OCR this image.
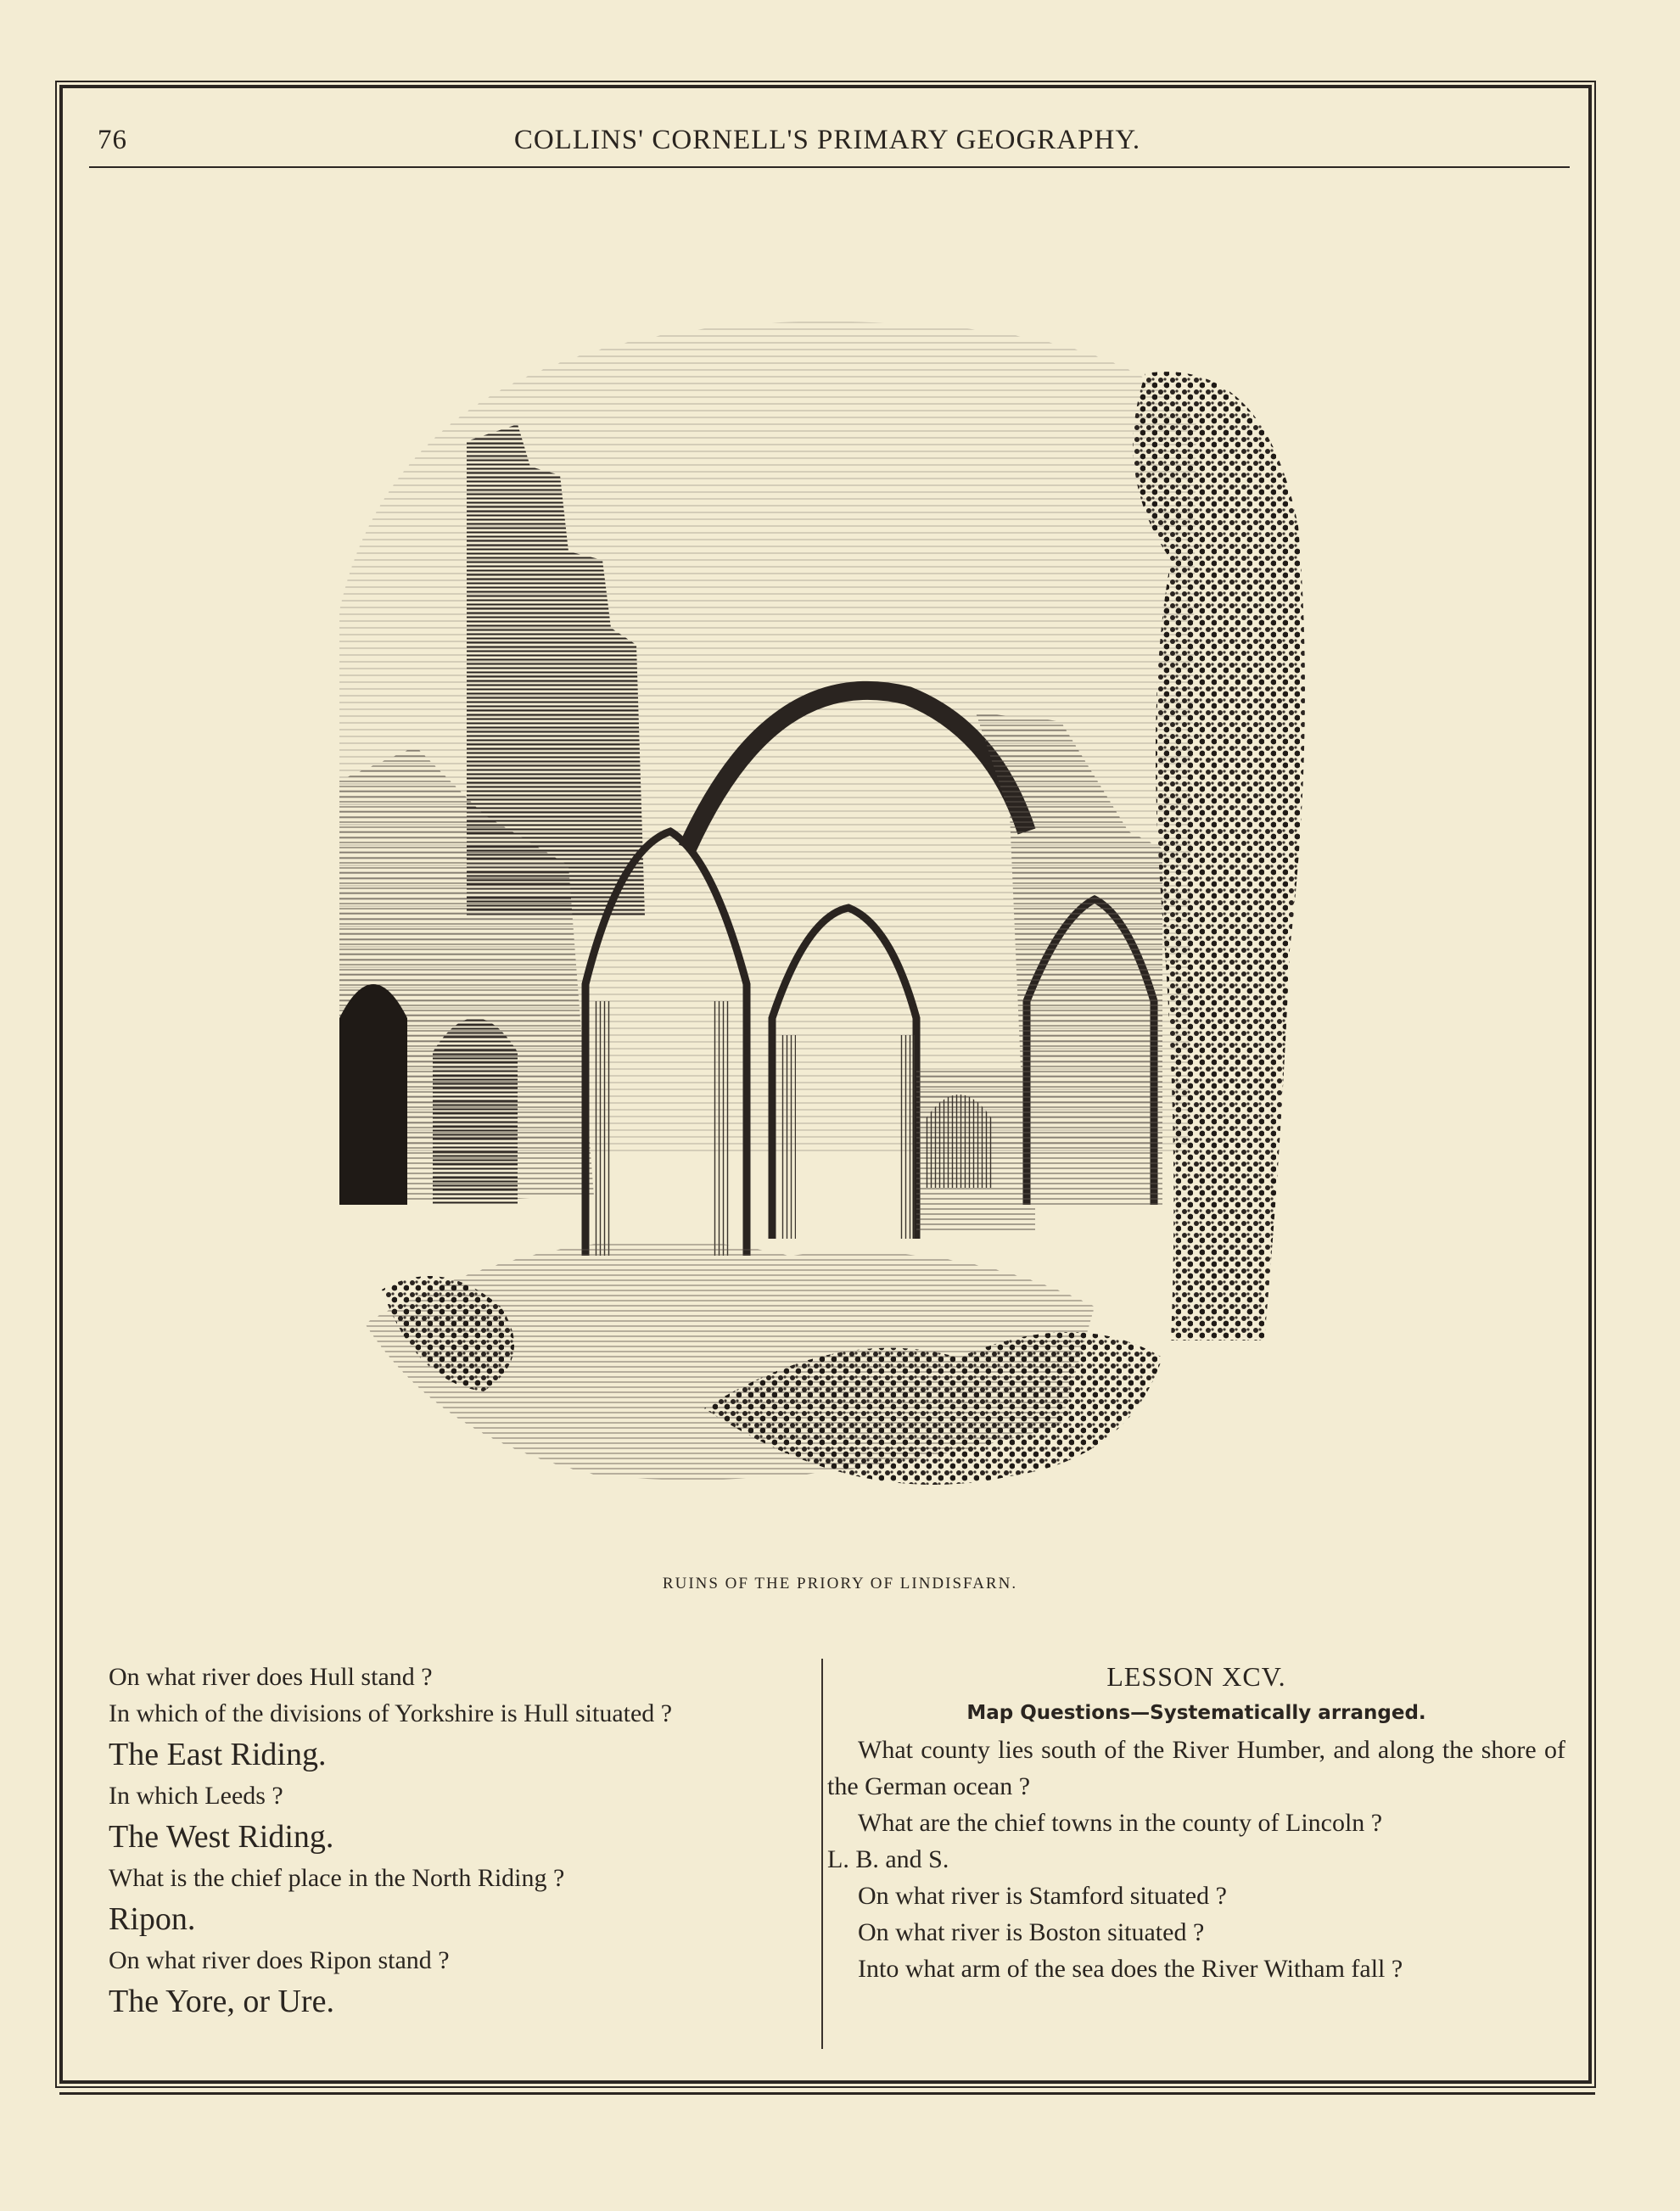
76	COLLINS' CORNELL'S PRIMARY GEOGRAPHY.
RUINS OF THE PRIORY OF LINDISFARN.

On what river does Hull stand ?

In which of the divisions of Yorkshire is Hull situated ?

The East Riding.

In which Leeds ?

The West Riding.

What is the chief place in the North Riding ?

Ripon.

On what river does Ripon stand ?

The Yore, or Ure.

LESSON XCV.

Map Questions—Systematically arranged.

What county lies south of the River Humber, and along the shore of the German ocean ?

What are the chief towns in the county of Lincoln ?

L. B. and S.

On what river is Stamford situated ?

On what river is Boston situated ?

Into what arm of the sea does the River Witham fall ?
